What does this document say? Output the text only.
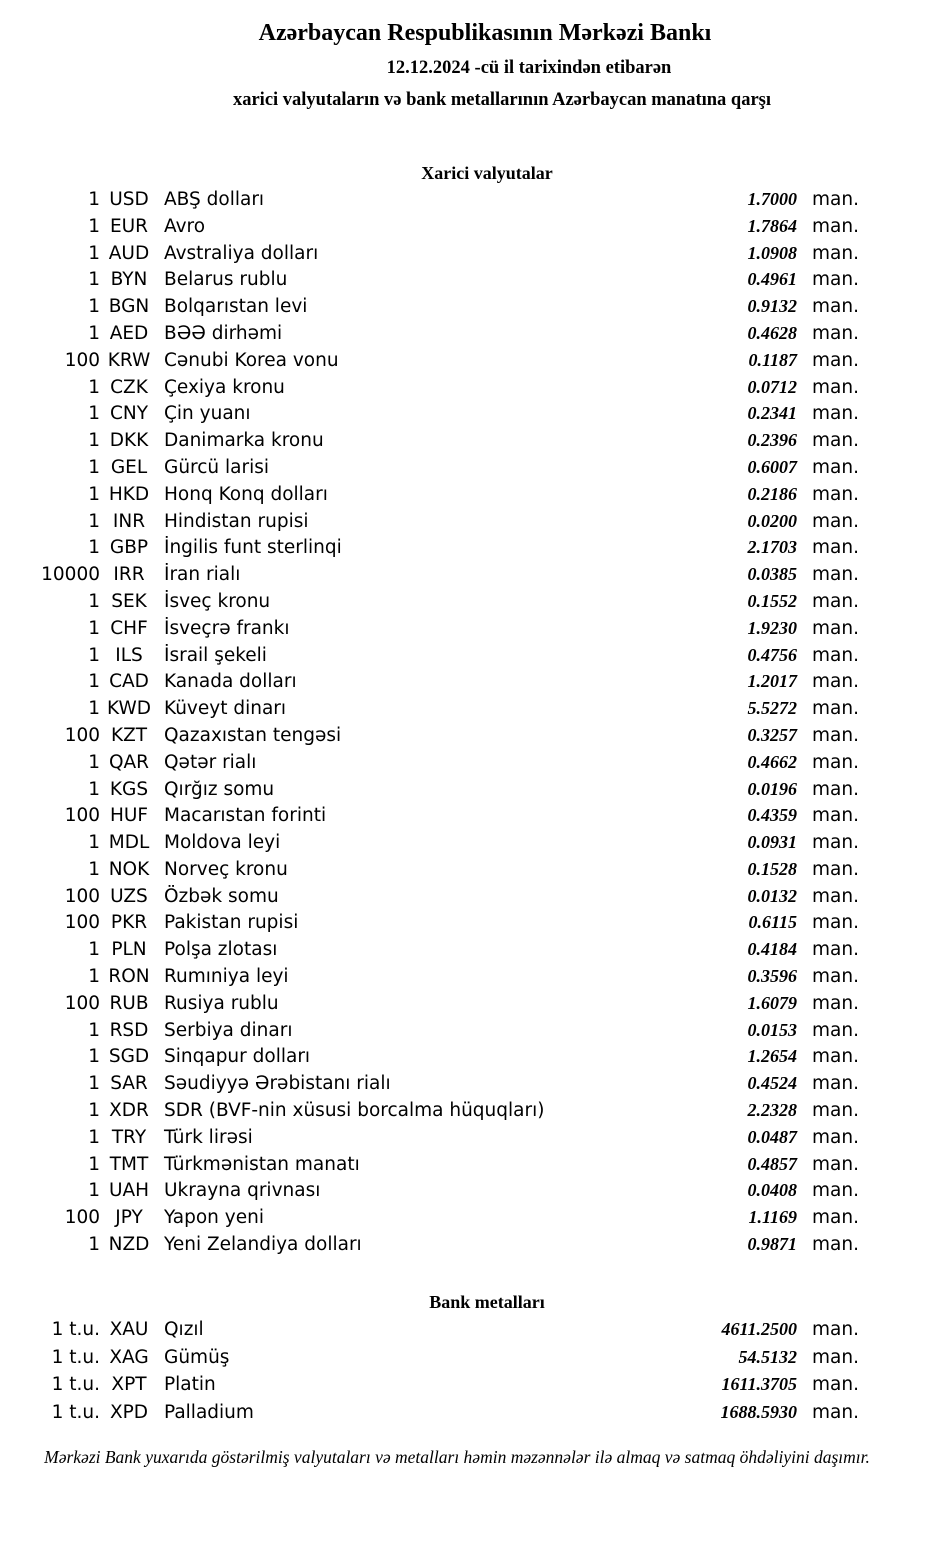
Azərbaycan Respublikasının Mərkəzi Bankı
12.12.2024 -cü il tarixindən etibarən
xarici valyutaların və bank metallarının Azərbaycan manatına qarşı
Xarici valyutalar
1 USD ABŞ dolları	1.7000 man.
1 EUR Avro	1.7864 man.
1 AUD Avstraliya dolları	1.0908 man.
1 BYN Belarus rublu	0.4961 man.
1 BGN Bolqarıstan levi	0.9132 man.
1 AED BƏƏ dirhəmi	0.4628 man.
100 KRW Cənubi Korea vonu	0.1187 man.
1 CZK Çexiya kronu	0.0712 man.
1 CNY Çin yuanı	0.2341 man.
1 DKK Danimarka kronu	0.2396 man.
1 GEL Gürcü larisi	0.6007 man.
1 HKD Honq Konq dolları	0.2186 man.
1 INR	Hindistan rupisi	0.0200 man.
1 GBP İngilis funt sterlinqi	2.1703 man.
10000 IRR	İran rialı	0.0385 man.
1 SEK İsveç kronu	0.1552 man.
1 CHF İsveçrə frankı	1.9230 man.
1 ILS	İsrail şekeli	0.4756 man.
1 CAD Kanada dolları	1.2017 man.
1 KWD Küveyt dinarı	5.5272 man.
100 KZT Qazaxıstan tengəsi	0.3257 man.
1 QAR Qətər rialı	0.4662 man.
1 KGS Qırğız somu	0.0196 man.
100 HUF Macarıstan forinti	0.4359 man.
1 MDL Moldova leyi	0.0931 man.
1 NOK Norveç kronu	0.1528 man.
100 UZS Özbək somu	0.0132 man.
100 PKR Pakistan rupisi	0.6115 man.
1 PLN Polşa zlotası	0.4184 man.
1 RON Rumıniya leyi	0.3596 man.
100 RUB Rusiya rublu	1.6079 man.
1 RSD Serbiya dinarı	0.0153 man.
1 SGD Sinqapur dolları	1.2654 man.
1 SAR Səudiyyə Ərəbistanı rialı	0.4524 man.
1 XDR SDR (BVF-nin xüsusi borcalma hüquqları)	2.2328 man.
1 TRY Türk lirəsi	0.0487 man.
1 TMT Türkmənistan manatı	0.4857 man.
1 UAH Ukrayna qrivnası	0.0408 man.
100 JPY	Yapon yeni	1.1169 man.
1 NZD Yeni Zelandiya dolları	0.9871 man.
Bank metalları
1 t.u. XAU Qızıl	4611.2500 man.
1 t.u. XAG Gümüş	54.5132 man.
1 t.u. XPT Platin	1611.3705 man.
1 t.u. XPD Palladium	1688.5930 man.
Mərkəzi Bank yuxarıda göstərilmiş valyutaları və metalları həmin məzənnələr ilə almaq və satmaq öhdəliyini daşımır.
